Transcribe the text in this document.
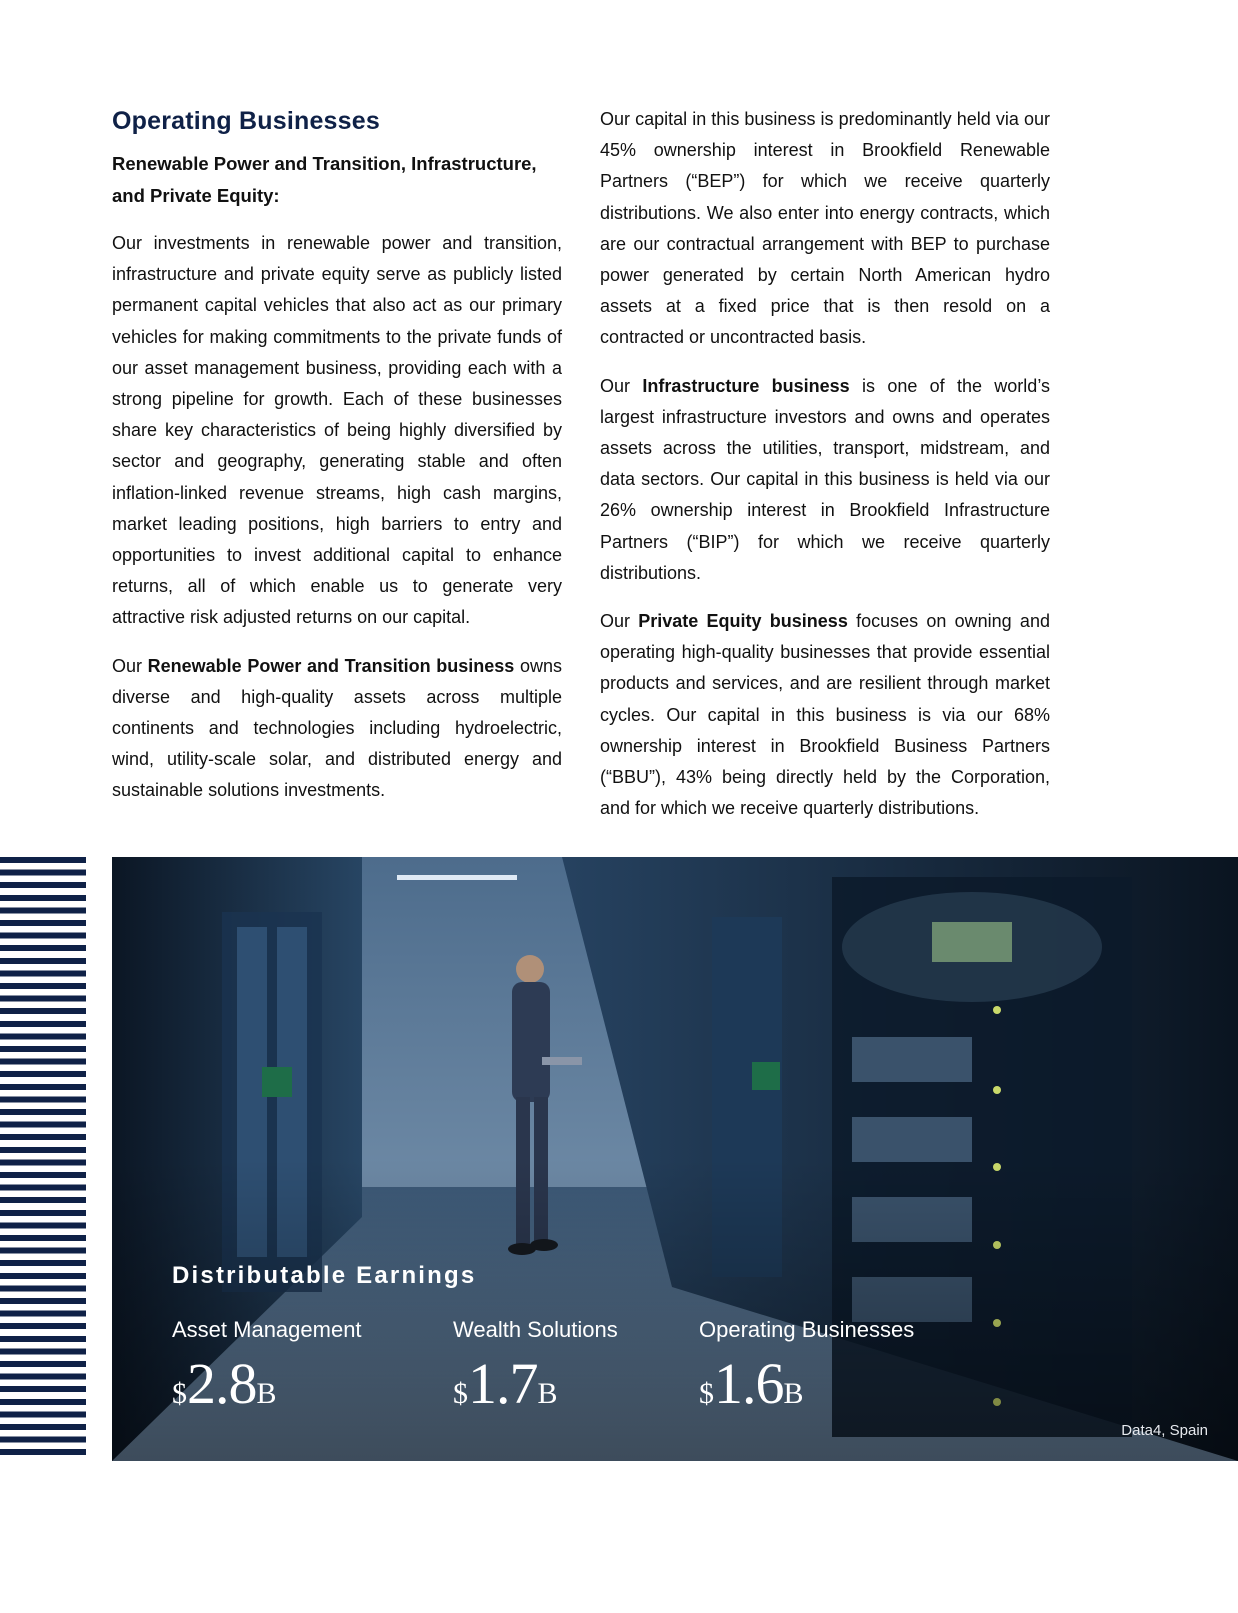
Operating Businesses
Renewable Power and Transition, Infrastructure, and Private Equity:

Our investments in renewable power and transition, infrastructure and private equity serve as publicly listed permanent capital vehicles that also act as our primary vehicles for making commitments to the private funds of our asset management business, providing each with a strong pipeline for growth. Each of these businesses share key characteristics of being highly diversified by sector and geography, generating stable and often inflation-linked revenue streams, high cash margins, market leading positions, high barriers to entry and opportunities to invest additional capital to enhance returns, all of which enable us to generate very attractive risk adjusted returns on our capital.

Our Renewable Power and Transition business owns diverse and high-quality assets across multiple continents and technologies including hydroelectric, wind, utility-scale solar, and distributed energy and sustainable solutions investments.

Our capital in this business is predominantly held via our 45% ownership interest in Brookfield Renewable Partners (“BEP”) for which we receive quarterly distributions. We also enter into energy contracts, which are our contractual arrangement with BEP to purchase power generated by certain North American hydro assets at a fixed price that is then resold on a contracted or uncontracted basis.

Our Infrastructure business is one of the world’s largest infrastructure investors and owns and operates assets across the utilities, transport, midstream, and data sectors. Our capital in this business is held via our 26% ownership interest in Brookfield Infrastructure Partners (“BIP”) for which we receive quarterly distributions.

Our Private Equity business focuses on owning and operating high-quality businesses that provide essential products and services, and are resilient through market cycles. Our capital in this business is via our 68% ownership interest in Brookfield Business Partners (“BBU”), 43% being directly held by the Corporation, and for which we receive quarterly distributions.

Distributable Earnings
Asset Management
$2.8B
Wealth Solutions
$1.7B
Operating Businesses
$1.6B
Data4, Spain
